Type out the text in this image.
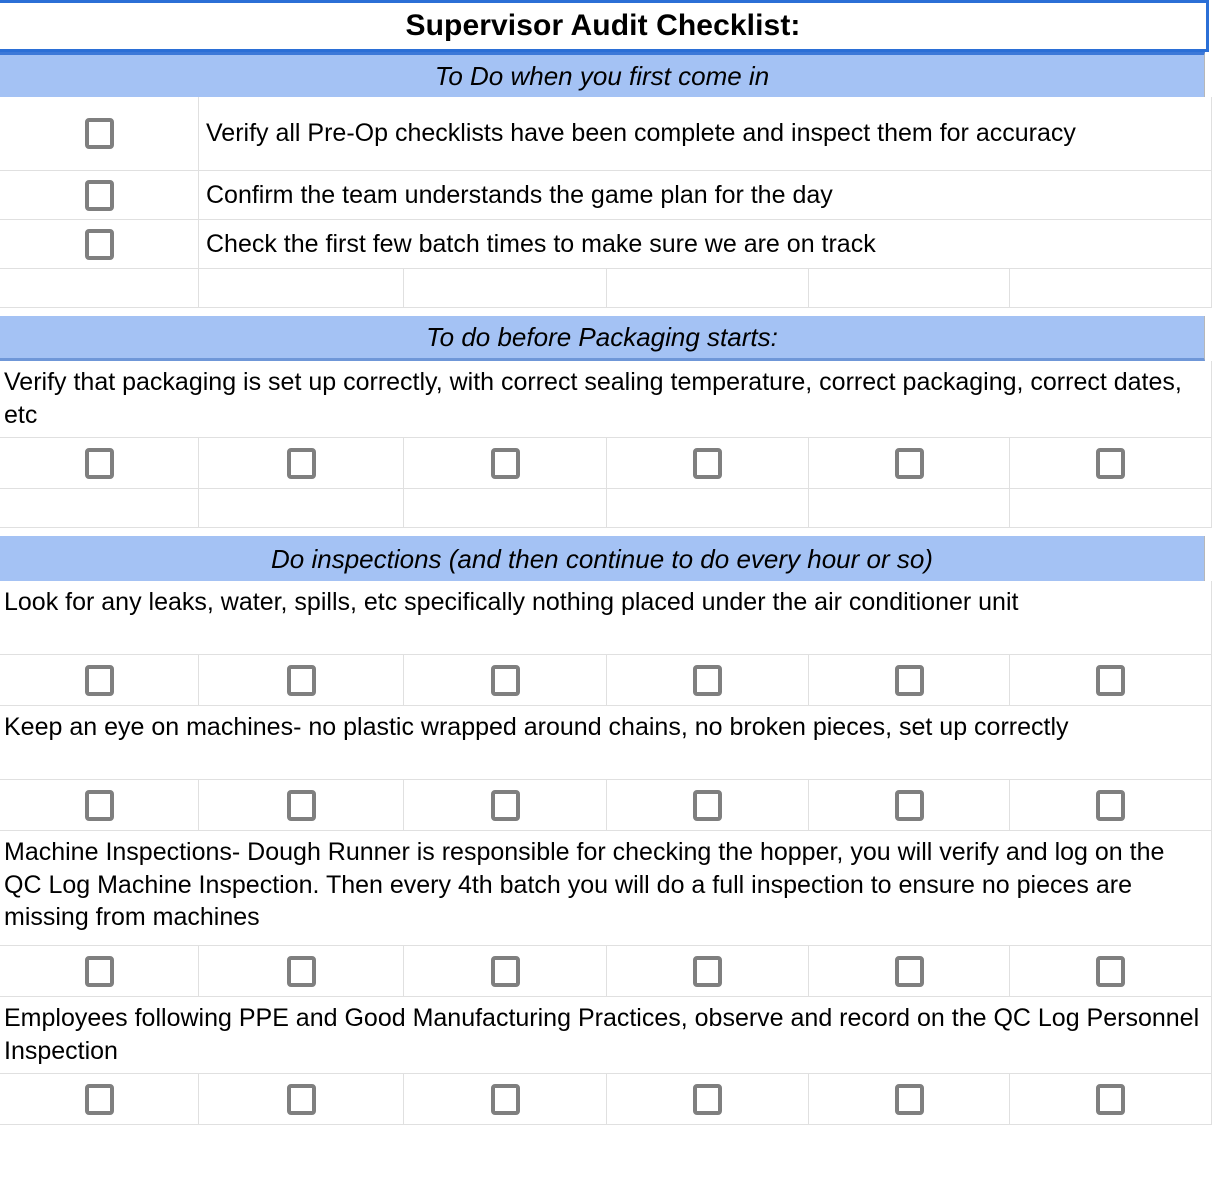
Supervisor Audit Checklist:
To Do when you first come in
Verify all Pre-Op checklists have been complete and inspect them for accuracy
Confirm the team understands the game plan for the day
Check the first few batch times to make sure we are on track
To do before Packaging starts:
Verify that packaging is set up correctly, with correct sealing temperature, correct packaging, correct dates, etc
Do inspections (and then continue to do every hour or so)
Look for any leaks, water, spills, etc specifically nothing placed under the air conditioner unit
Keep an eye on machines- no plastic wrapped around chains, no broken pieces, set up correctly
Machine Inspections- Dough Runner is responsible for checking the hopper, you will verify and log on the QC Log Machine Inspection. Then every 4th batch you will do a full inspection to ensure no pieces are missing from machines
Employees following PPE and Good Manufacturing Practices, observe and record on the QC Log Personnel Inspection
